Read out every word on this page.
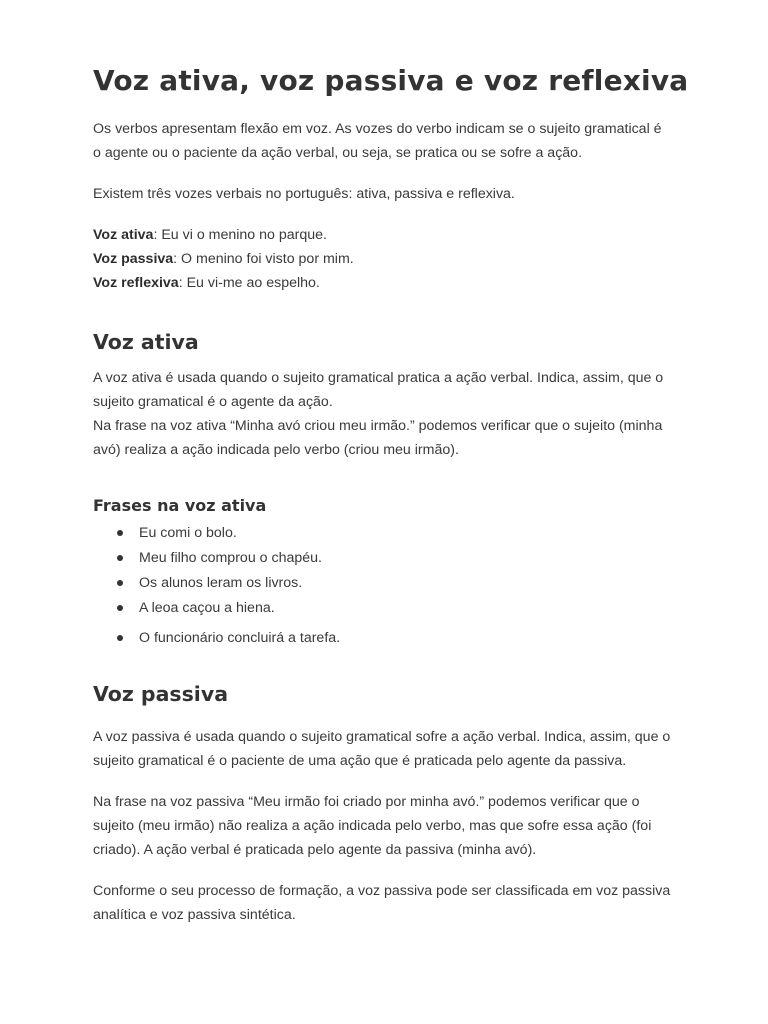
Voz ativa, voz passiva e voz reflexiva

Os verbos apresentam flexão em voz. As vozes do verbo indicam se o sujeito gramatical é o agente ou o paciente da ação verbal, ou seja, se pratica ou se sofre a ação.

Existem três vozes verbais no português: ativa, passiva e reflexiva.

Voz ativa: Eu vi o menino no parque.
Voz passiva: O menino foi visto por mim.
Voz reflexiva: Eu vi-me ao espelho.
Voz ativa

A voz ativa é usada quando o sujeito gramatical pratica a ação verbal. Indica, assim, que o sujeito gramatical é o agente da ação.

Na frase na voz ativa “Minha avó criou meu irmão.” podemos verificar que o sujeito (minha avó) realiza a ação indicada pelo verbo (criou meu irmão).

Frases na voz ativa
Eu comi o bolo.
Meu filho comprou o chapéu.
Os alunos leram os livros.
A leoa caçou a hiena.
O funcionário concluirá a tarefa.
Voz passiva

A voz passiva é usada quando o sujeito gramatical sofre a ação verbal. Indica, assim, que o sujeito gramatical é o paciente de uma ação que é praticada pelo agente da passiva.

Na frase na voz passiva “Meu irmão foi criado por minha avó.” podemos verificar que o sujeito (meu irmão) não realiza a ação indicada pelo verbo, mas que sofre essa ação (foi criado). A ação verbal é praticada pelo agente da passiva (minha avó).

Conforme o seu processo de formação, a voz passiva pode ser classificada em voz passiva analítica e voz passiva sintética.
